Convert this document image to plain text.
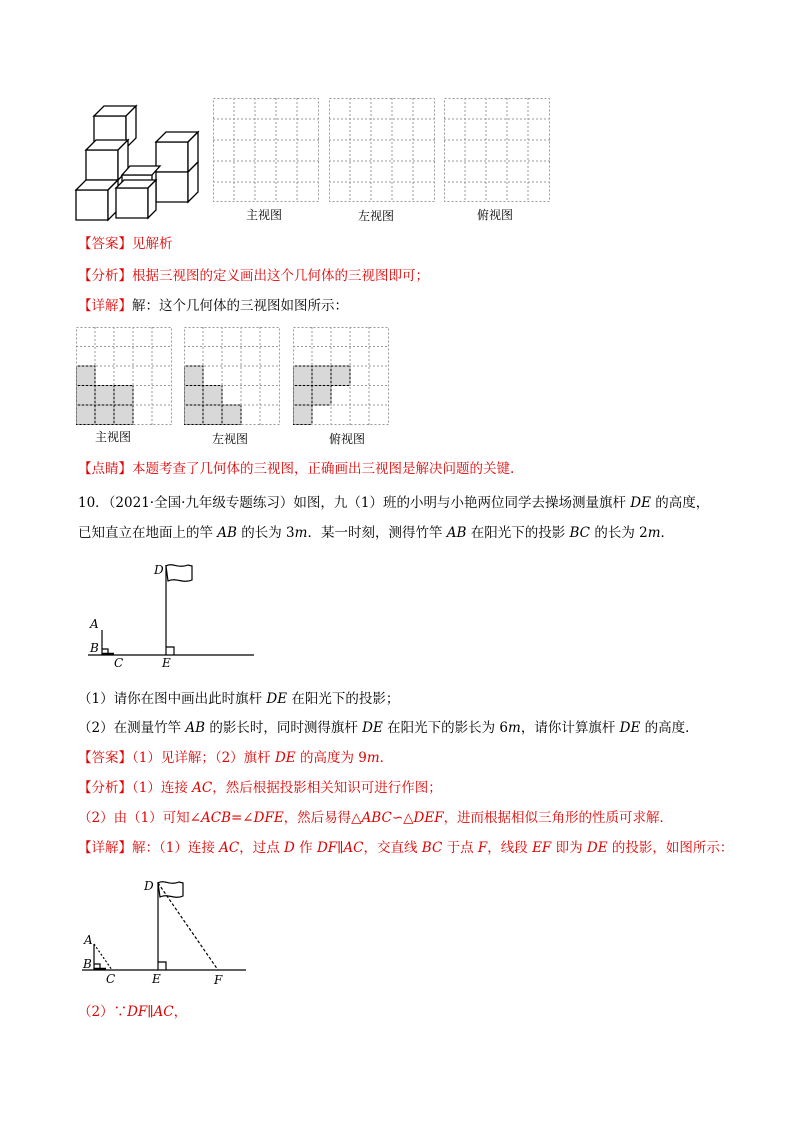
主视图	左视图	俯视图
【答案】见解析
【分析】根据三视图的定义画出这个几何体的三视图即可；
【详解】解：这个几何体的三视图如图所示：
主视图	左视图	俯视图
【点睛】本题考查了几何体的三视图，正确画出三视图是解决问题的关键.
10．（2021·全国·九年级专题练习）如图，九（1）班的小明与小艳两位同学去操场测量旗杆 DE 的高度，
已知直立在地面上的竿 AB 的长为 3m．某一时刻，测得竹竿 AB 在阳光下的投影 BC 的长为 2m．
D
A
B
C	E
（1）请你在图中画出此时旗杆 DE 在阳光下的投影；
（2）在测量竹竿 AB 的影长时，同时测得旗杆 DE 在阳光下的影长为 6m，请你计算旗杆 DE 的高度．
【答案】（1）见详解；（2）旗杆 DE 的高度为 9m．
【分析】（1）连接 AC，然后根据投影相关知识可进行作图；
（2）由（1）可知∠ACB=∠DFE，然后易得△ABC∽△DEF，进而根据相似三角形的性质可求解．
【详解】解：（1）连接 AC，过点 D 作 DF∥AC，交直线 BC 于点 F，线段 EF 即为 DE 的投影，如图所示：
D
A
B
C	E	F
（2）∵DF∥AC，
